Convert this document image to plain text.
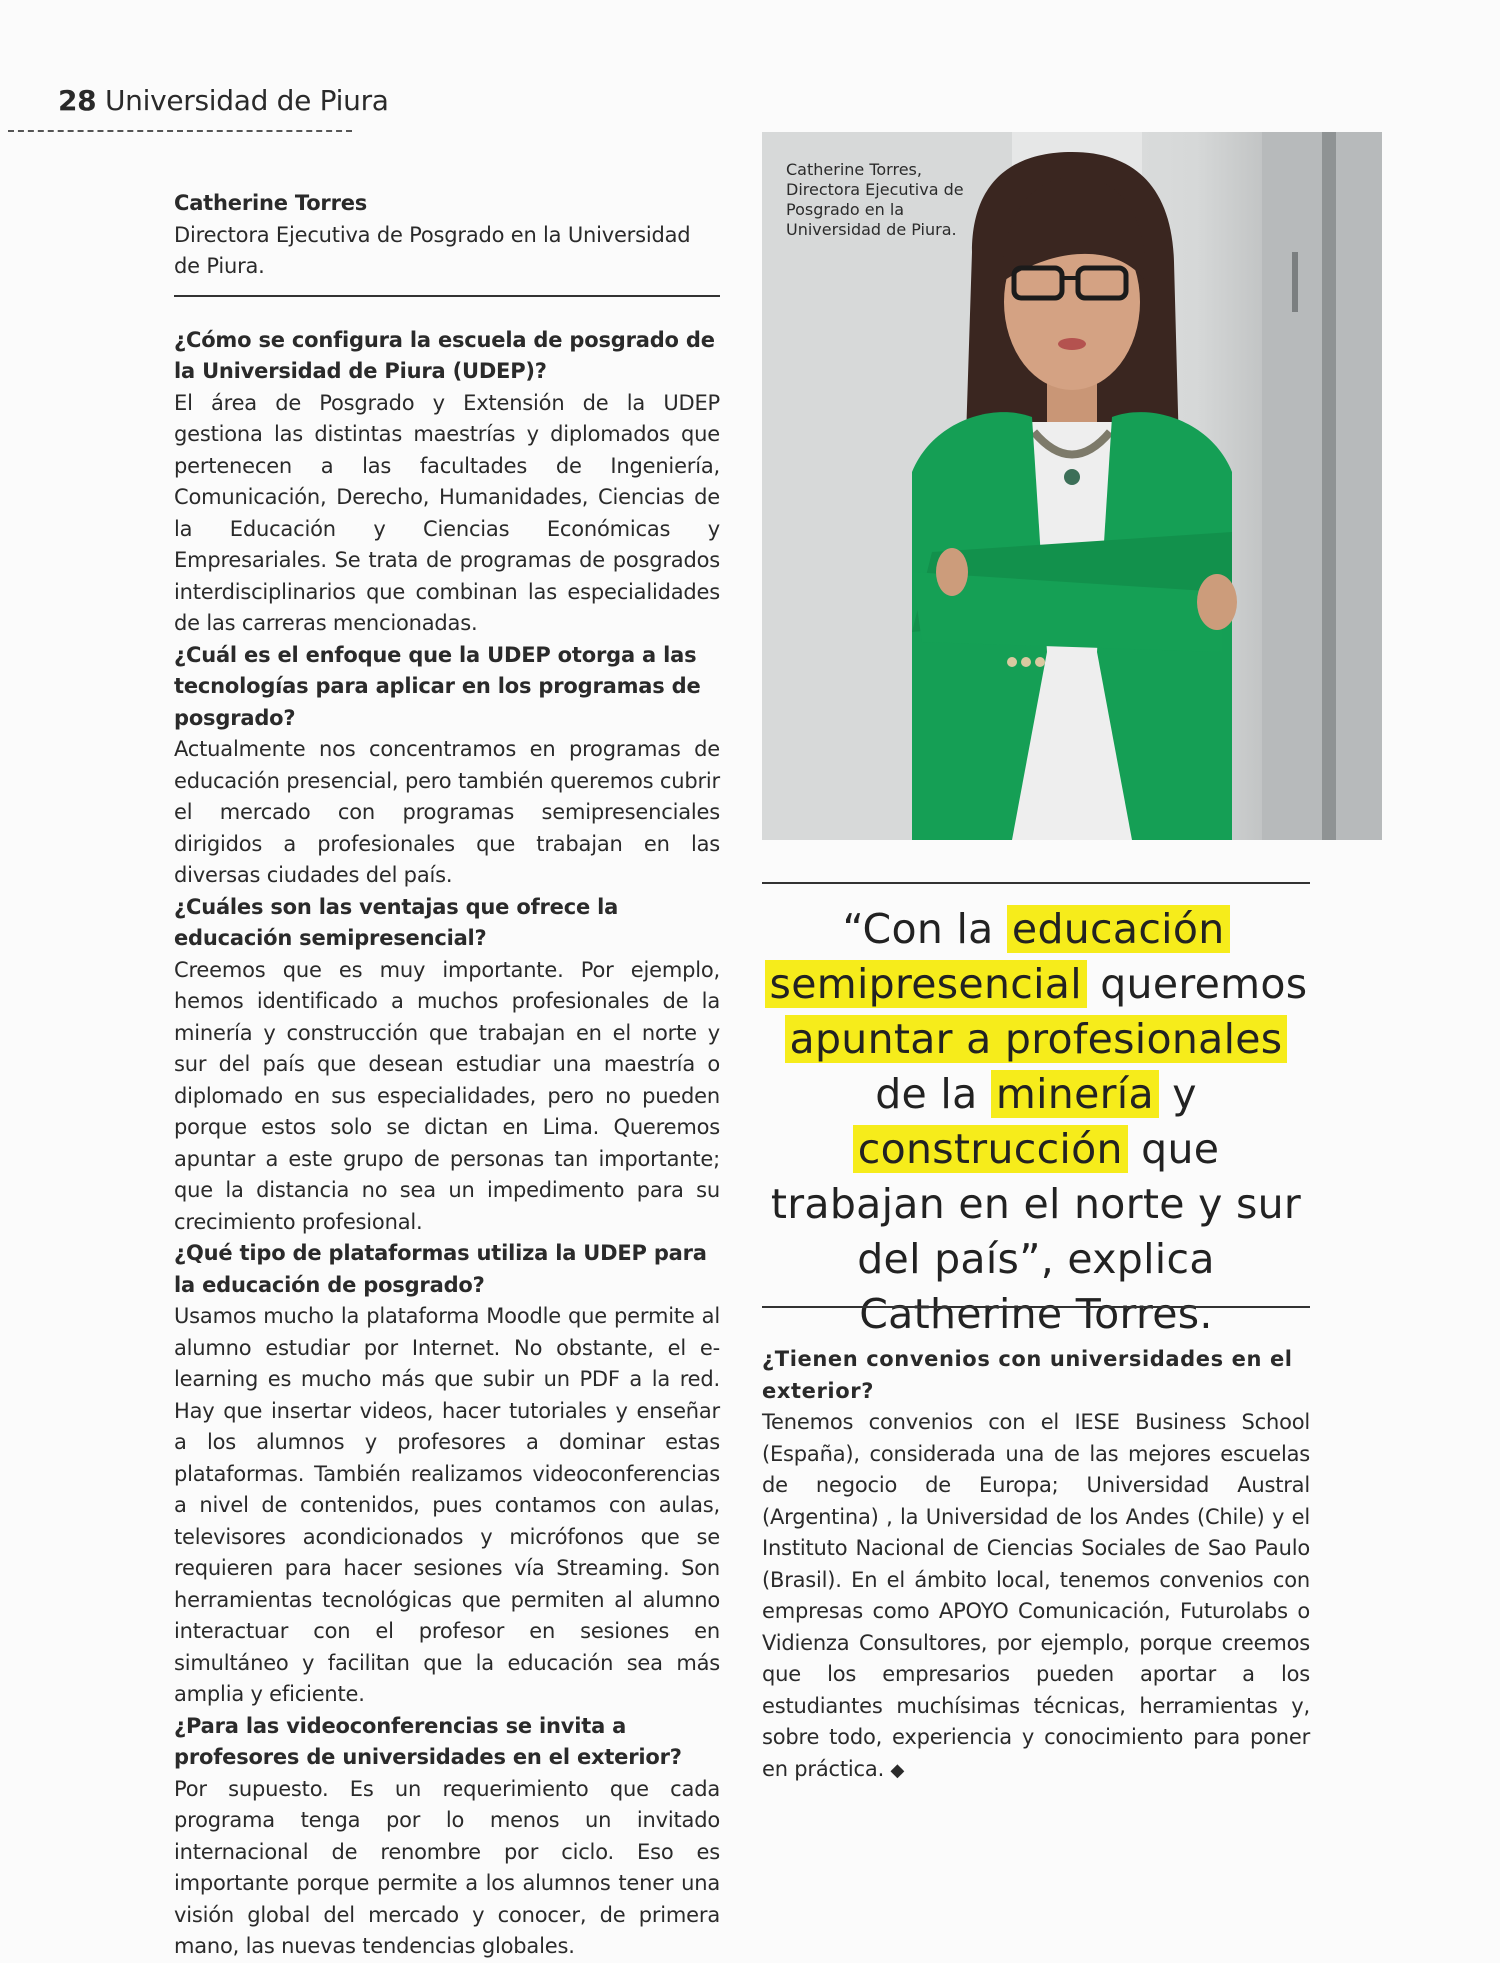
28 Universidad de Piura
Catherine Torres

Directora Ejecutiva de Posgrado en la Universidad de Piura.

¿Cómo se configura la escuela de posgrado de la Universidad de Piura (UDEP)?

El área de Posgrado y Extensión de la UDEP gestiona las distintas maestrías y diplomados que pertenecen a las facultades de Ingeniería, Comunicación, Derecho, Humanidades, Ciencias de la Educación y Ciencias Económicas y Empresariales. Se trata de programas de posgrados interdisciplinarios que combinan las especialidades de las carreras mencionadas.

¿Cuál es el enfoque que la UDEP otorga a las tecnologías para aplicar en los programas de posgrado?

Actualmente nos concentramos en programas de educación presencial, pero también queremos cubrir el mercado con programas semipresenciales dirigidos a profesionales que trabajan en las diversas ciudades del país.

¿Cuáles son las ventajas que ofrece la educación semipresencial?

Creemos que es muy importante. Por ejemplo, hemos identificado a muchos profesionales de la minería y construcción que trabajan en el norte y sur del país que desean estudiar una maestría o diplomado en sus especialidades, pero no pueden porque estos solo se dictan en Lima. Queremos apuntar a este grupo de personas tan importante; que la distancia no sea un impedimento para su crecimiento profesional.

¿Qué tipo de plataformas utiliza la UDEP para la educación de posgrado?

Usamos mucho la plataforma Moodle que permite al alumno estudiar por Internet. No obstante, el e-learning es mucho más que subir un PDF a la red. Hay que insertar videos, hacer tutoriales y enseñar a los alumnos y profesores a dominar estas plataformas. También realizamos videoconferencias a nivel de contenidos, pues contamos con aulas, televisores acondicionados y micrófonos que se requieren para hacer sesiones vía Streaming. Son herramientas tecnológicas que permiten al alumno interactuar con el profesor en sesiones en simultáneo y facilitan que la educación sea más amplia y eficiente.

¿Para las videoconferencias se invita a profesores de universidades en el exterior?

Por supuesto. Es un requerimiento que cada programa tenga por lo menos un invitado internacional de renombre por ciclo. Eso es importante porque permite a los alumnos tener una visión global del mercado y conocer, de primera mano, las nuevas tendencias globales.

Catherine Torres, Directora Ejecutiva de Posgrado en la Universidad de Piura.
“Con la educación semipresencial queremos apuntar a profesionales de la minería y construcción que trabajan en el norte y sur del país”, explica Catherine Torres.

¿Tienen convenios con universidades en el exterior?

Tenemos convenios con el IESE Business School (España), considerada una de las mejores escuelas de negocio de Europa; Universidad Austral (Argentina) , la Universidad de los Andes (Chile) y el Instituto Nacional de Ciencias Sociales de Sao Paulo (Brasil). En el ámbito local, tenemos convenios con empresas como APOYO Comunicación, Futurolabs o Vidienza Consultores, por ejemplo, porque creemos que los empresarios pueden aportar a los estudiantes muchísimas técnicas, herramientas y, sobre todo, experiencia y conocimiento para poner en práctica. ◆
